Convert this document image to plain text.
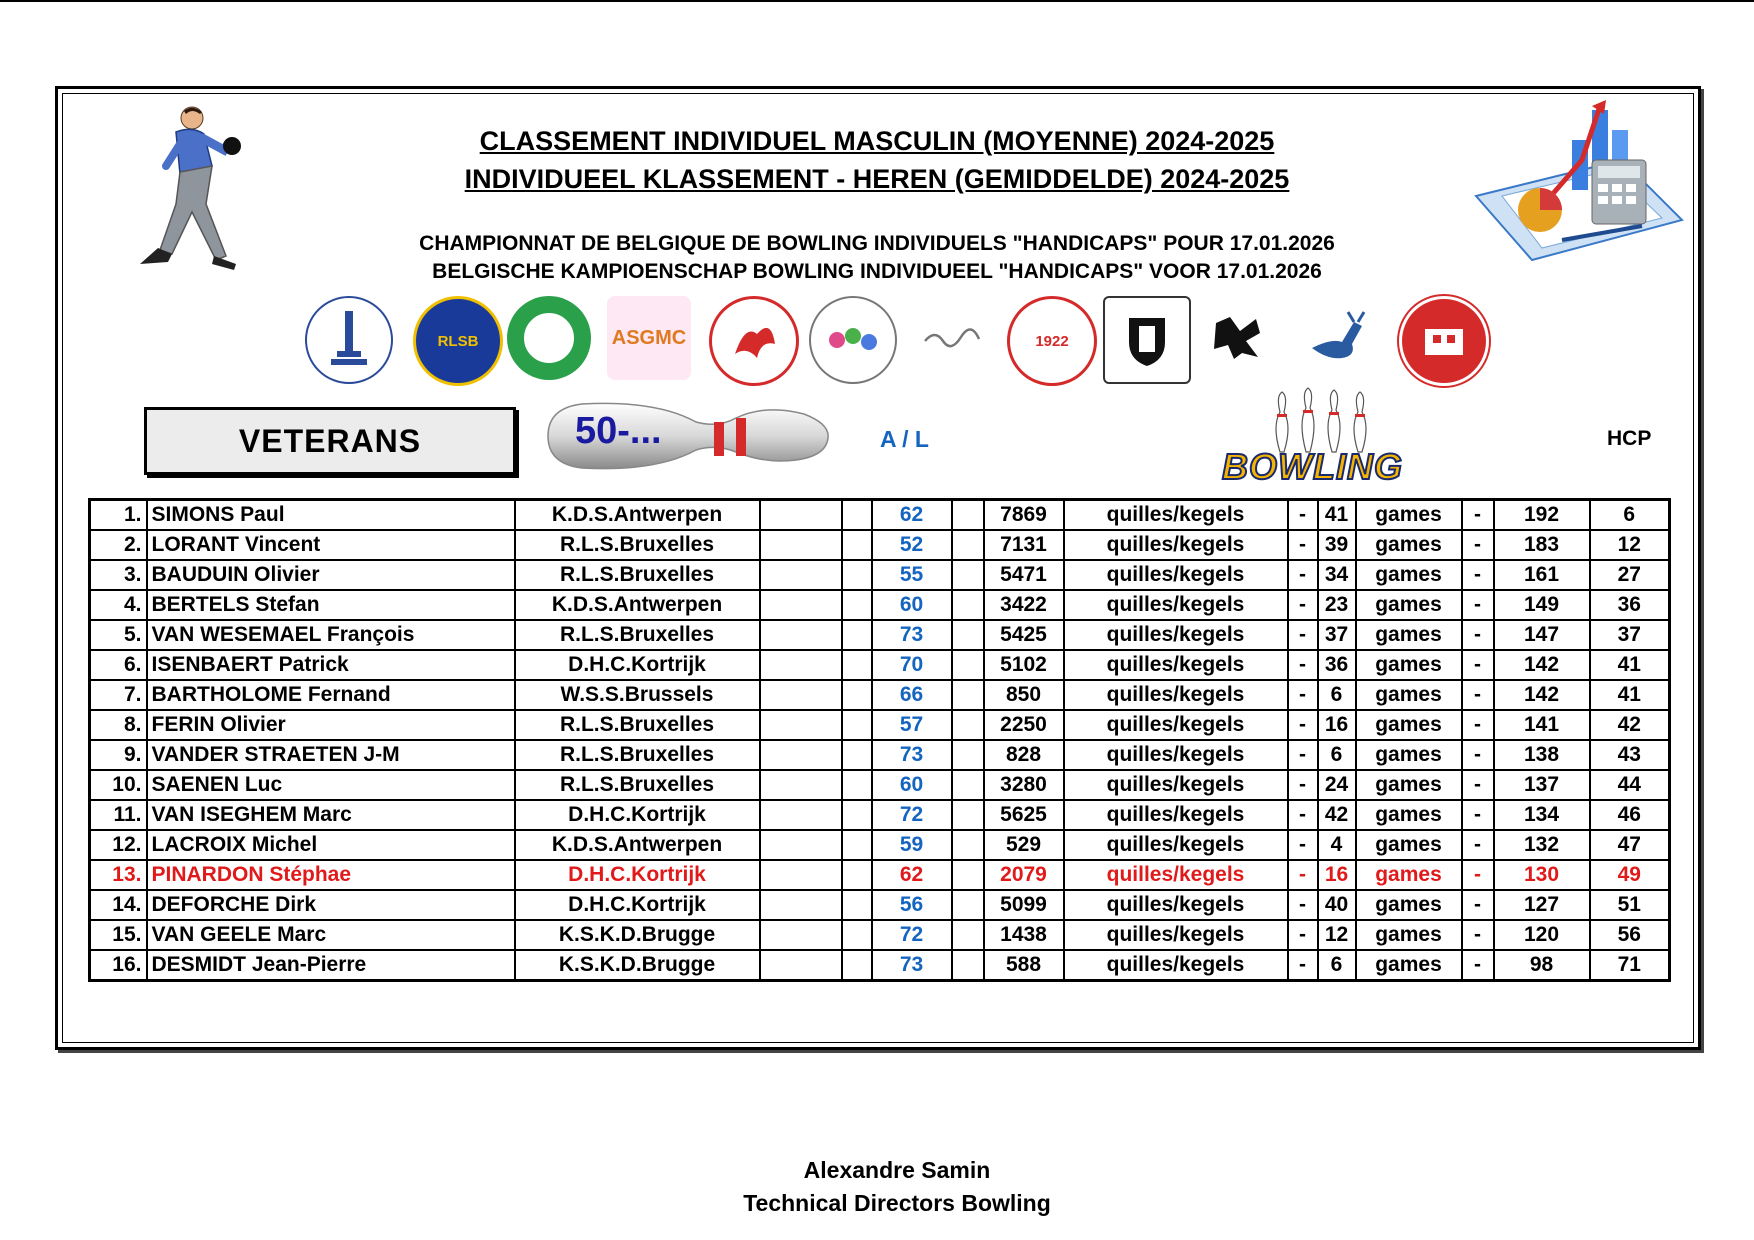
CLASSEMENT INDIVIDUEL MASCULIN (MOYENNE) 2024-2025
INDIVIDUEEL KLASSEMENT - HEREN (GEMIDDELDE) 2024-2025
CHAMPIONNAT DE BELGIQUE DE BOWLING INDIVIDUELS "HANDICAPS" POUR 17.01.2026
BELGISCHE KAMPIOENSCHAP BOWLING INDIVIDUEEL "HANDICAPS" VOOR 17.01.2026
RLSB	ASGMC	1922
VETERANS	50-...	A / L
BOWLING
HCP
1.	SIMONS Paul	K.D.S.Antwerpen			62		7869	quilles/kegels	-	41	games	-	192	6
2.	LORANT Vincent	R.L.S.Bruxelles			52		7131	quilles/kegels	-	39	games	-	183	12
3.	BAUDUIN Olivier	R.L.S.Bruxelles			55		5471	quilles/kegels	-	34	games	-	161	27
4.	BERTELS Stefan	K.D.S.Antwerpen			60		3422	quilles/kegels	-	23	games	-	149	36
5.	VAN WESEMAEL François	R.L.S.Bruxelles			73		5425	quilles/kegels	-	37	games	-	147	37
6.	ISENBAERT Patrick	D.H.C.Kortrijk			70		5102	quilles/kegels	-	36	games	-	142	41
7.	BARTHOLOME Fernand	W.S.S.Brussels			66		850	quilles/kegels	-	6	games	-	142	41
8.	FERIN Olivier	R.L.S.Bruxelles			57		2250	quilles/kegels	-	16	games	-	141	42
9.	VANDER STRAETEN J-M	R.L.S.Bruxelles			73		828	quilles/kegels	-	6	games	-	138	43
10.	SAENEN Luc	R.L.S.Bruxelles			60		3280	quilles/kegels	-	24	games	-	137	44
11.	VAN ISEGHEM Marc	D.H.C.Kortrijk			72		5625	quilles/kegels	-	42	games	-	134	46
12.	LACROIX Michel	K.D.S.Antwerpen			59		529	quilles/kegels	-	4	games	-	132	47
13.	PINARDON Stéphae	D.H.C.Kortrijk			62		2079	quilles/kegels	-	16	games	-	130	49
14.	DEFORCHE Dirk	D.H.C.Kortrijk			56		5099	quilles/kegels	-	40	games	-	127	51
15.	VAN GEELE Marc	K.S.K.D.Brugge			72		1438	quilles/kegels	-	12	games	-	120	56
16.	DESMIDT Jean-Pierre	K.S.K.D.Brugge			73		588	quilles/kegels	-	6	games	-	98	71
Alexandre Samin
Technical Directors Bowling
